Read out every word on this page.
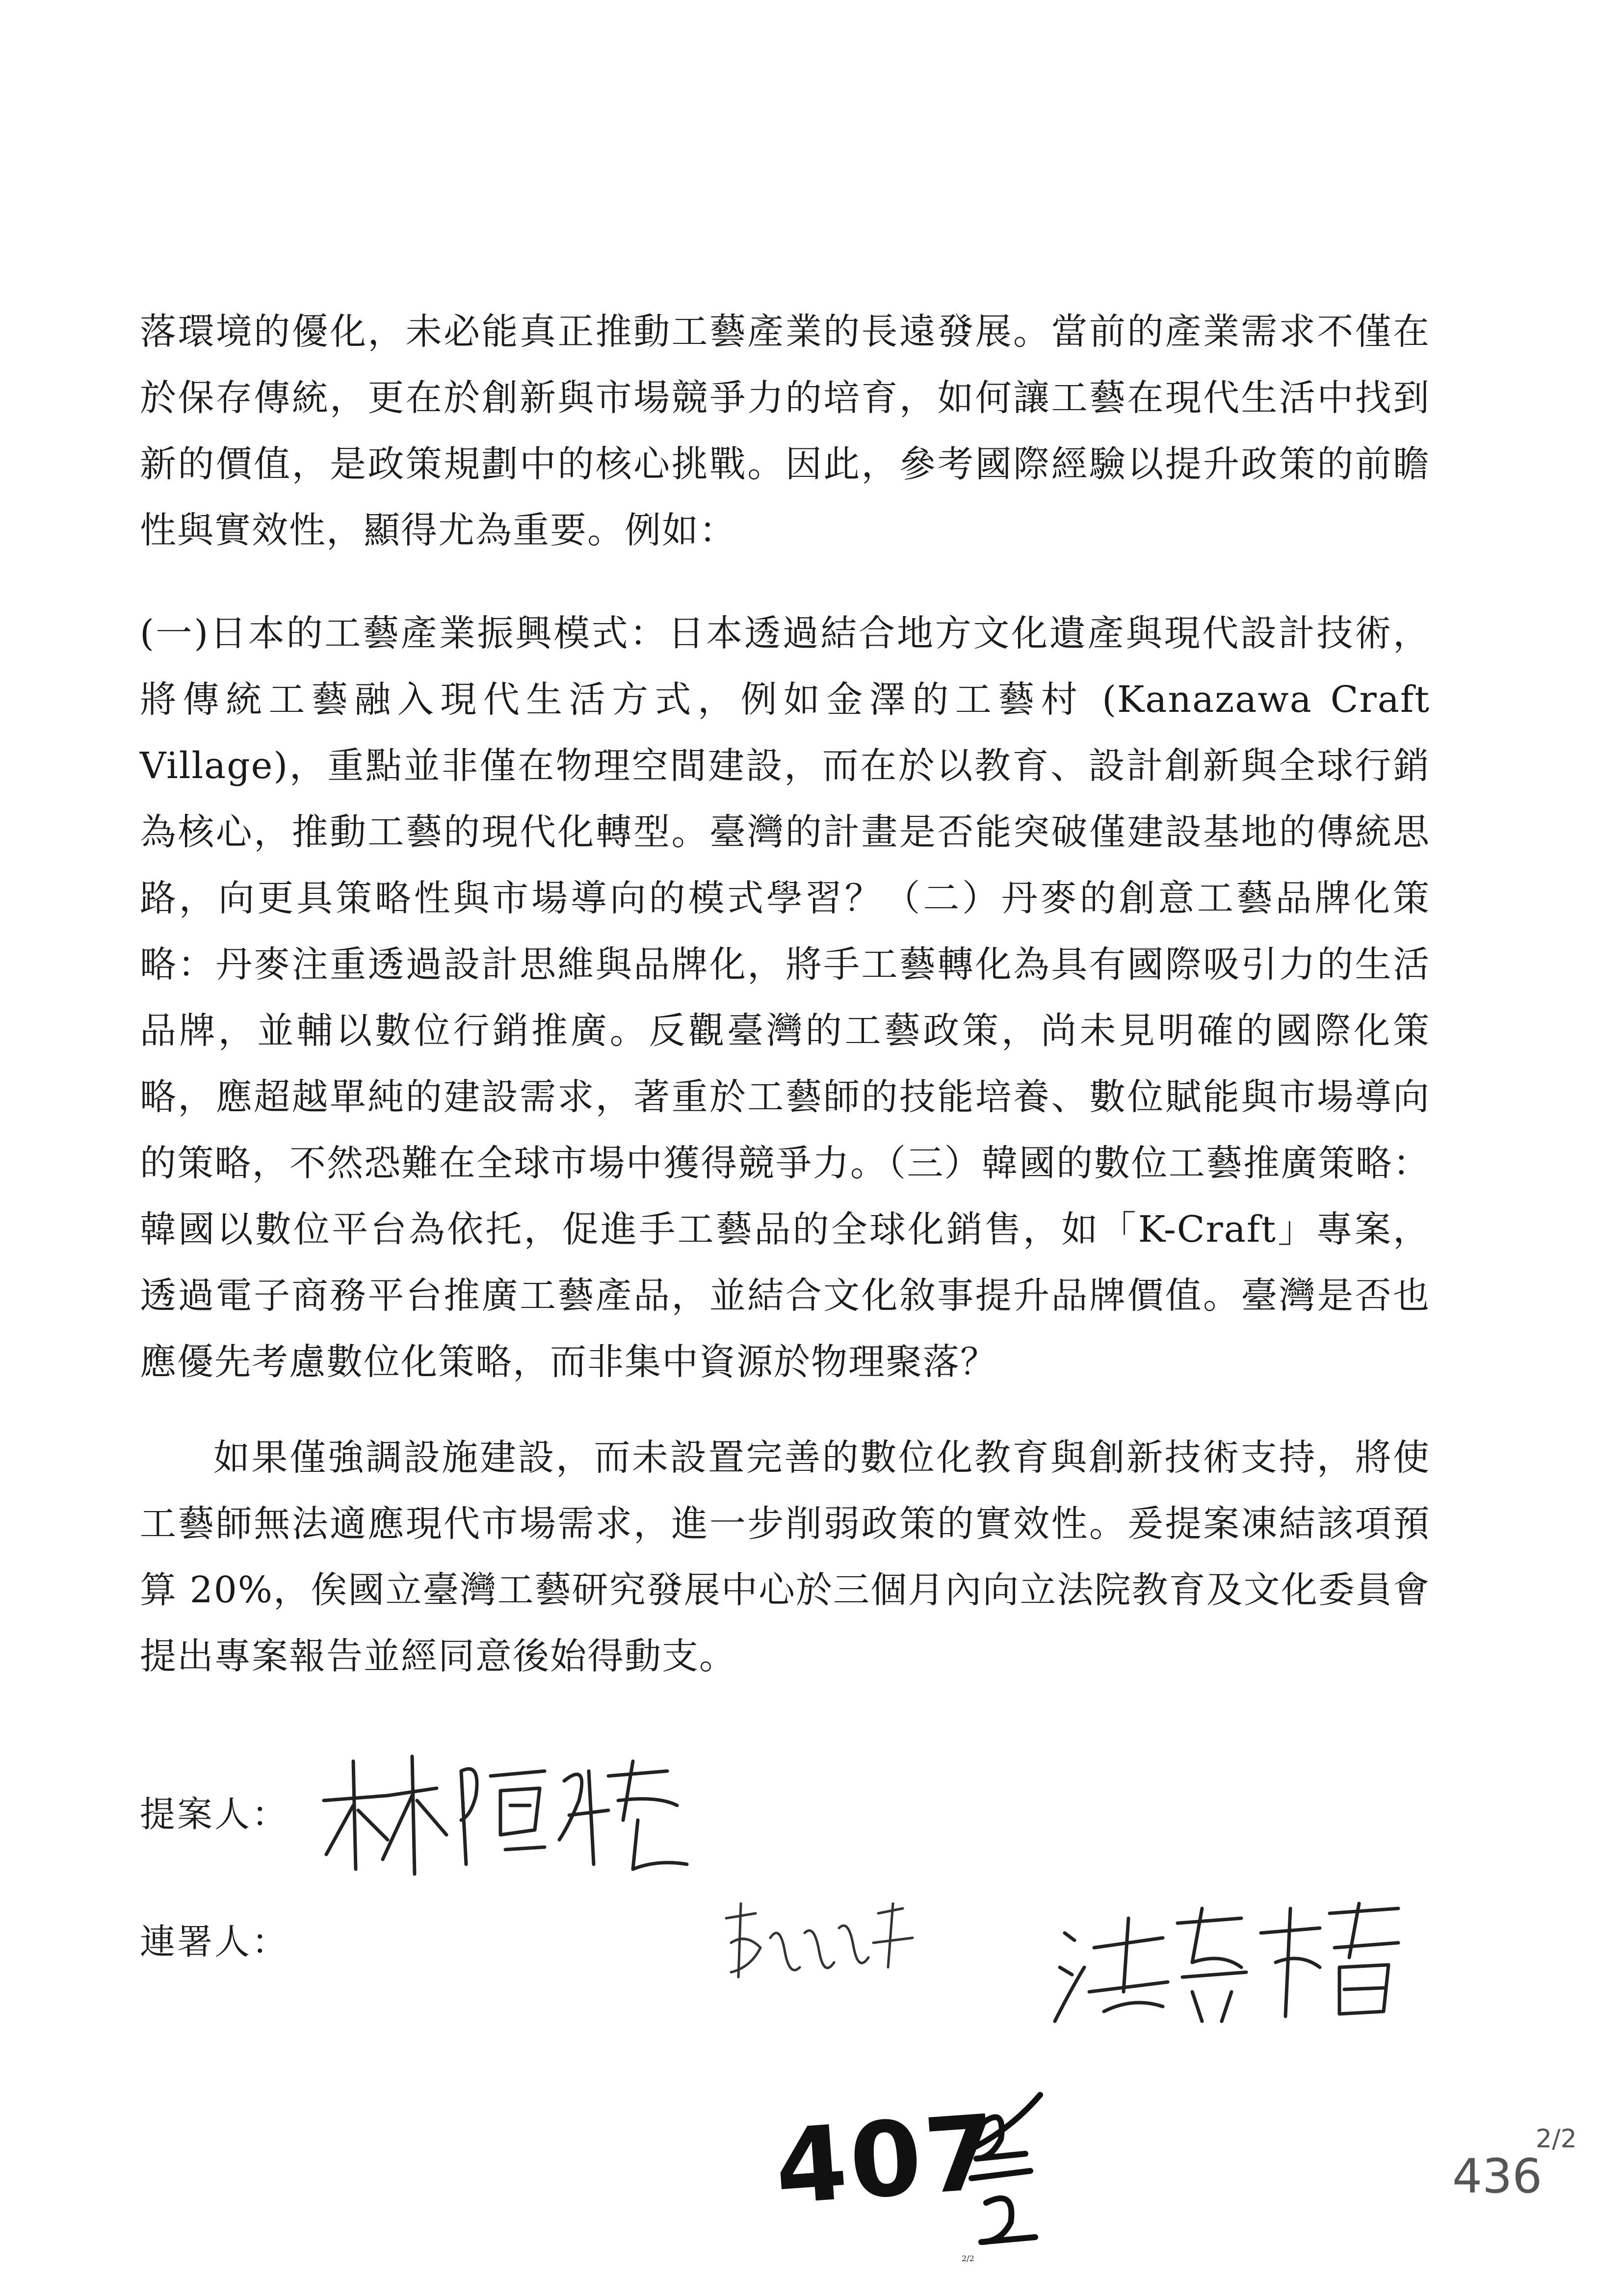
落環境的優化，未必能真正推動工藝產業的長遠發展。當前的產業需求不僅在於保存傳統，更在於創新與市場競爭力的培育，如何讓工藝在現代生活中找到新的價值，是政策規劃中的核心挑戰。因此，參考國際經驗以提升政策的前瞻性與實效性，顯得尤為重要。例如：

(一)日本的工藝產業振興模式：日本透過結合地方文化遺產與現代設計技術，將傳統工藝融入現代生活方式，例如金澤的工藝村 (Kanazawa Craft Village)，重點並非僅在物理空間建設，而在於以教育、設計創新與全球行銷為核心，推動工藝的現代化轉型。臺灣的計畫是否能突破僅建設基地的傳統思路，向更具策略性與市場導向的模式學習？（二）丹麥的創意工藝品牌化策略：丹麥注重透過設計思維與品牌化，將手工藝轉化為具有國際吸引力的生活品牌，並輔以數位行銷推廣。反觀臺灣的工藝政策，尚未見明確的國際化策略，應超越單純的建設需求，著重於工藝師的技能培養、數位賦能與市場導向的策略，不然恐難在全球市場中獲得競爭力。（三）韓國的數位工藝推廣策略：韓國以數位平台為依托，促進手工藝品的全球化銷售，如「K-Craft」專案，透過電子商務平台推廣工藝產品，並結合文化敘事提升品牌價值。臺灣是否也應優先考慮數位化策略，而非集中資源於物理聚落？

如果僅強調設施建設，而未設置完善的數位化教育與創新技術支持，將使工藝師無法適應現代市場需求，進一步削弱政策的實效性。爰提案凍結該項預算 20%，俟國立臺灣工藝研究發展中心於三個月內向立法院教育及文化委員會提出專案報告並經同意後始得動支。

提案人：
連署人：
407
2/2
436
2/2
